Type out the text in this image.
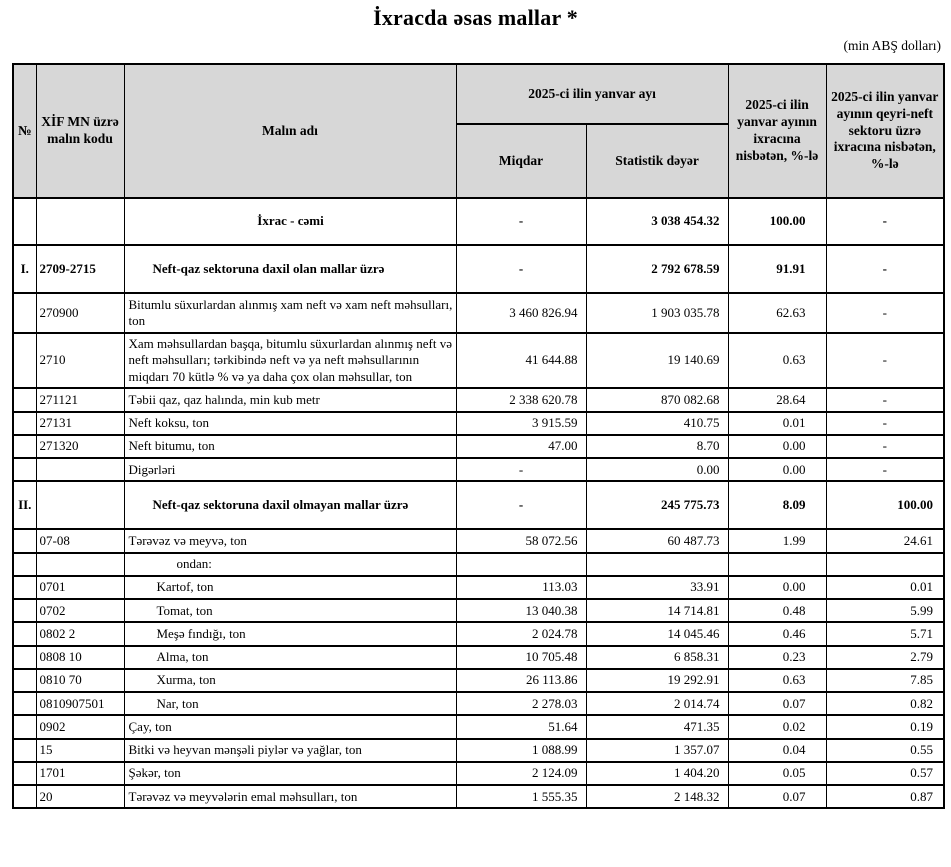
İxracda əsas mallar *
(min ABŞ dolları)
№	XİF MN üzrə malın kodu	Malın adı	2025-ci ilin yanvar ayı		2025-ci ilin yanvar ayının ixracına nisbətən, %-lə	2025-ci ilin yanvar ayının qeyri-neft sektoru üzrə ixracına nisbətən, %-lə
			Miqdar	Statistik dəyər		
		İxrac - cəmi	-	3 038 454.32	100.00	-
I.	2709-2715	Neft-qaz sektoruna daxil olan mallar üzrə	-	2 792 678.59	91.91	-
	270900	Bitumlu süxurlardan alınmış xam neft və xam neft məhsulları, ton	3 460 826.94	1 903 035.78	62.63	-
	2710	Xam məhsullardan başqa, bitumlu süxurlardan alınmış neft və neft məhsulları; tərkibində neft və ya neft məhsullarının miqdarı 70 kütlə % və ya daha çox olan məhsullar, ton	41 644.88	19 140.69	0.63	-
	271121	Təbii qaz, qaz halında, min kub metr	2 338 620.78	870 082.68	28.64	-
	27131	Neft koksu, ton	3 915.59	410.75	0.01	-
	271320	Neft bitumu, ton	47.00	8.70	0.00	-
		Digərləri	-	0.00	0.00	-
II.		Neft-qaz sektoruna daxil olmayan mallar üzrə	-	245 775.73	8.09	100.00
	07-08	Tərəvəz və meyvə, ton	58 072.56	60 487.73	1.99	24.61
		ondan:				
	0701	Kartof, ton	113.03	33.91	0.00	0.01
	0702	Tomat, ton	13 040.38	14 714.81	0.48	5.99
	0802 2	Meşə fındığı, ton	2 024.78	14 045.46	0.46	5.71
	0808 10	Alma, ton	10 705.48	6 858.31	0.23	2.79
	0810 70	Xurma, ton	26 113.86	19 292.91	0.63	7.85
	0810907501	Nar, ton	2 278.03	2 014.74	0.07	0.82
	0902	Çay, ton	51.64	471.35	0.02	0.19
	15	Bitki və heyvan mənşəli piylər və yağlar, ton	1 088.99	1 357.07	0.04	0.55
	1701	Şəkər, ton	2 124.09	1 404.20	0.05	0.57
	20	Tərəvəz və meyvələrin emal məhsulları, ton	1 555.35	2 148.32	0.07	0.87
